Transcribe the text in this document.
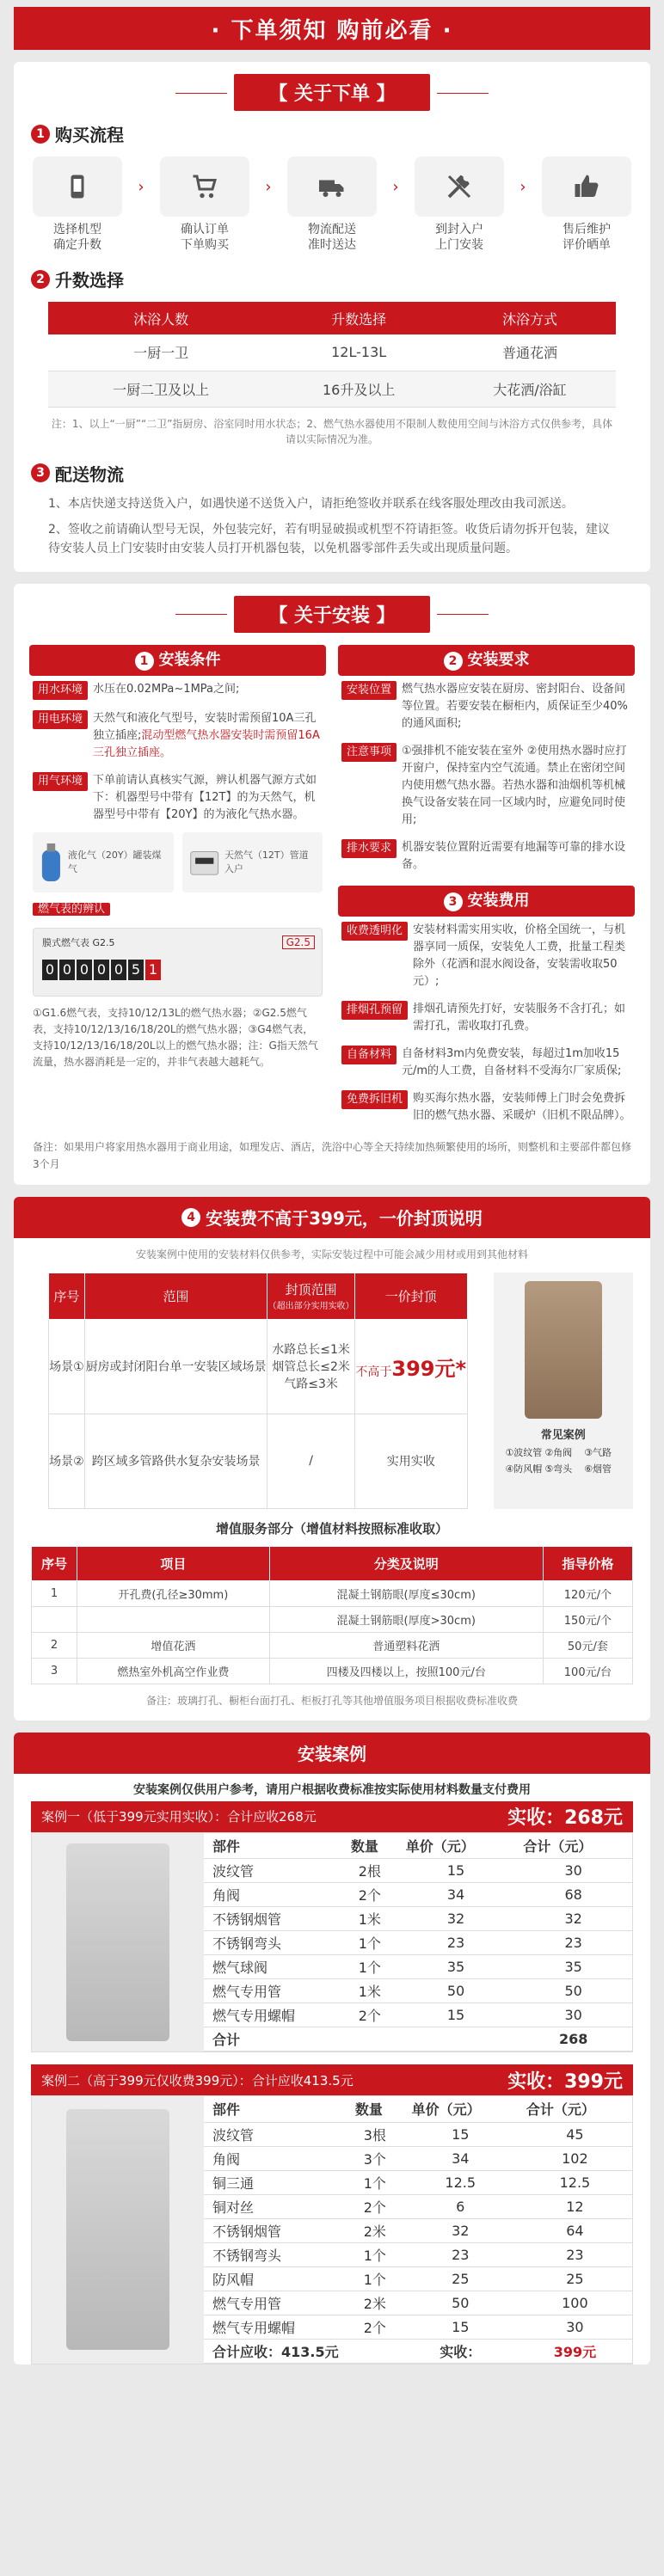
· 下单须知 购前必看 ·
【 关于下单 】
1 购买流程
选择机型
确定升数
›
确认订单
下单购买
›
物流配送
准时送达
›
到封入户
上门安装
›
售后维护
评价晒单
2 升数选择
沐浴人数	升数选择	沐浴方式
一厨一卫	12L-13L	普通花洒
一厨二卫及以上	16升及以上	大花洒/浴缸
注：1、以上“一厨”“二卫”指厨房、浴室同时用水状态；2、燃气热水器使用不限制人数使用空间与沐浴方式仅供参考，具体请以实际情况为准。
3 配送物流

1、本店快递支持送货入户，如遇快递不送货入户，请拒绝签收并联系在线客服处理改由我司派送。

2、签收之前请确认型号无误，外包装完好，若有明显破损或机型不符请拒签。收货后请勿拆开包装，建议待安装人员上门安装时由安装人员打开机器包装，以免机器零部件丢失或出现质量问题。

【 关于安装 】
1 安装条件
用水环境 水压在0.02MPa~1MPa之间;
用电环境 天然气和液化气型号，安装时需预留10A三孔独立插座;混动型燃气热水器安装时需预留16A三孔独立插座。
用气环境 下单前请认真核实气源，辨认机器气源方式如下：机器型号中带有【12T】的为天然气，机器型号中带有【20Y】的为液化气热水器。
液化气（20Y）罐装煤气
天然气（12T）管道入户
燃气表的辨认
膜式燃气表 G2.5	G2.5
0 0 0 0 0 5 1
①G1.6燃气表，支持10/12/13L的燃气热水器；②G2.5燃气表，支持10/12/13/16/18/20L的燃气热水器；③G4燃气表，支持10/12/13/16/18/20L以上的燃气热水器；注：G指天然气流量，热水器消耗是一定的，并非气表越大越耗气。
2 安装要求
安装位置 燃气热水器应安装在厨房、密封阳台、设备间等位置。若要安装在橱柜内，质保证至少40%的通风面积;
注意事项 ①强排机不能安装在室外 ②使用热水器时应打开窗户，保持室内空气流通。禁止在密闭空间内使用燃气热水器。若热水器和油烟机等机械换气设备安装在同一区域内时，应避免同时使用;
排水要求 机器安装位置附近需要有地漏等可靠的排水设备。
3 安装费用
收费透明化 安装材料需实用实收，价格全国统一，与机器享同一质保，安装免人工费，批量工程类除外（花洒和混水阀设备，安装需收取50元）;
排烟孔预留 排烟孔请预先打好，安装服务不含打孔；如需打孔，需收取打孔费。
自备材料 自备材料3m内免费安装，每超过1m加收15元/m的人工费，自备材料不受海尔厂家质保;
免费拆旧机 购买海尔热水器，安装师傅上门时会免费拆旧的燃气热水器、采暖炉（旧机不限品牌）。
备注：如果用户将家用热水器用于商业用途，如理发店、酒店，洗浴中心等全天持续加热频繁使用的场所，则整机和主要部件都包修3个月
4 安装费不高于399元，一价封顶说明
安装案例中使用的安装材料仅供参考，实际安装过程中可能会减少用材或用到其他材料
序号	范围	封顶范围
（超出部分实用实收）	一价封顶
场景①	厨房或封闭阳台单一安装区域场景	水路总长≤1米
烟管总长≤2米
气路≤3米	不高于399元*
场景②	跨区域多管路供水复杂安装场景	/	实用实收
常见案例
①波纹管 ②角阀	③气路
④防风帽 ⑤弯头	⑥烟管
增值服务部分（增值材料按照标准收取）
序号	项目	分类及说明	指导价格
1	开孔费(孔径≥30mm)	混凝土钢筋眼(厚度≤30cm)	120元/个
		混凝土钢筋眼(厚度>30cm)	150元/个
2	增值花洒	普通塑料花洒	50元/套
3	燃热室外机高空作业费	四楼及四楼以上，按照100元/台	100元/台
备注：玻璃打孔、橱柜台面打孔、柜板打孔等其他增值服务项目根据收费标准收费
安装案例
安装案例仅供用户参考，请用户根据收费标准按实际使用材料数量支付费用
案例一（低于399元实用实收）：合计应收268元	实收：268元
部件	数量	单价（元）	合计（元）
波纹管	2根	15	30
角阀	2个	34	68
不锈钢烟管	1米	32	32
不锈钢弯头	1个	23	23
燃气球阀	1个	35	35
燃气专用管	1米	50	50
燃气专用螺帽	2个	15	30
合计			268
案例二（高于399元仅收费399元）：合计应收413.5元	实收：399元
部件	数量	单价（元）	合计（元）
波纹管	3根	15	45
角阀	3个	34	102
铜三通	1个	12.5	12.5
铜对丝	2个	6	12
不锈钢烟管	2米	32	64
不锈钢弯头	1个	23	23
防风帽	1个	25	25
燃气专用管	2米	50	100
燃气专用螺帽	2个	15	30
合计应收：413.5元		实收：	399元
